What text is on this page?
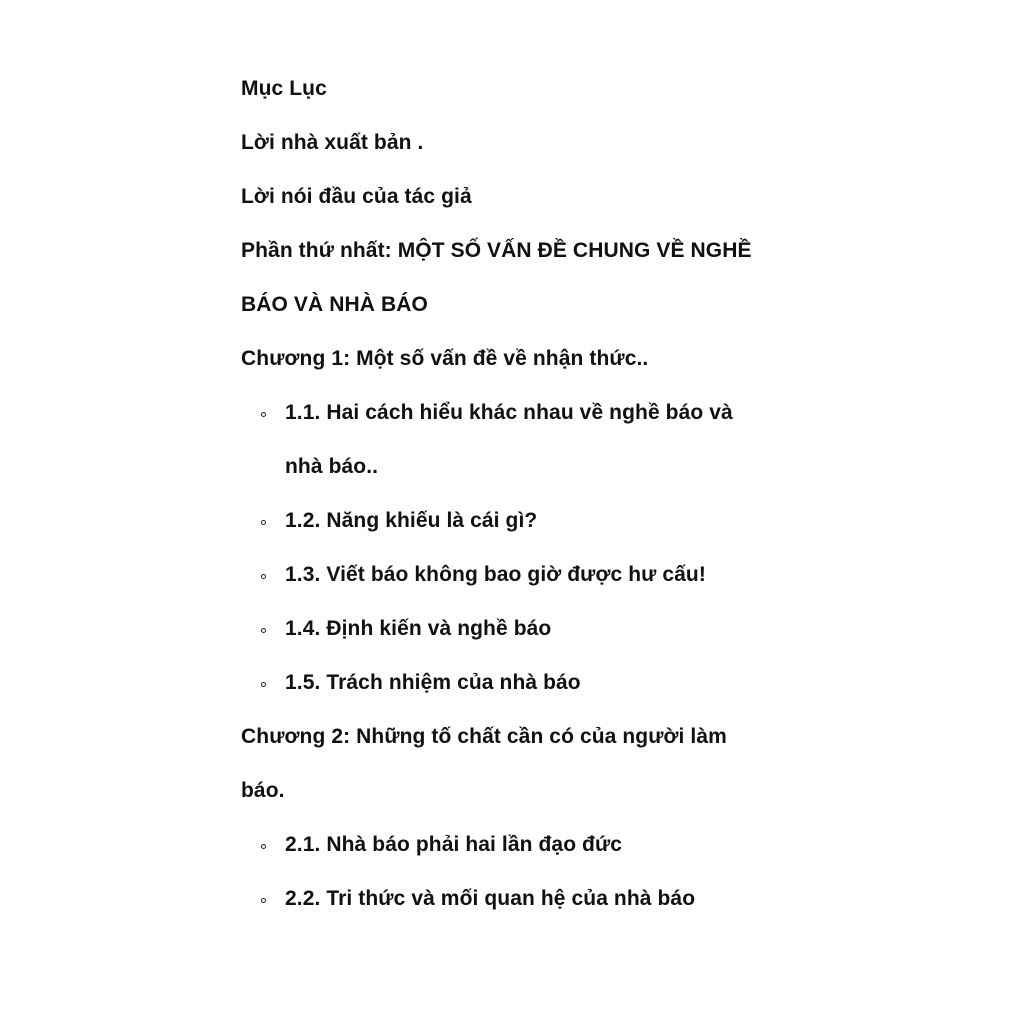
Mục Lục
Lời nhà xuất bản .
Lời nói đầu của tác giả
Phần thứ nhất: MỘT SỐ VẤN ĐỀ CHUNG VỀ NGHỀ
BÁO VÀ NHÀ BÁO
Chương 1: Một số vấn đề về nhận thức..
1.1. Hai cách hiểu khác nhau về nghề báo và
nhà báo..
1.2. Năng khiếu là cái gì?
1.3. Viết báo không bao giờ được hư cấu!
1.4. Định kiến và nghề báo
1.5. Trách nhiệm của nhà báo
Chương 2: Những tố chất cần có của người làm
báo.
2.1. Nhà báo phải hai lần đạo đức
2.2. Tri thức và mối quan hệ của nhà báo
